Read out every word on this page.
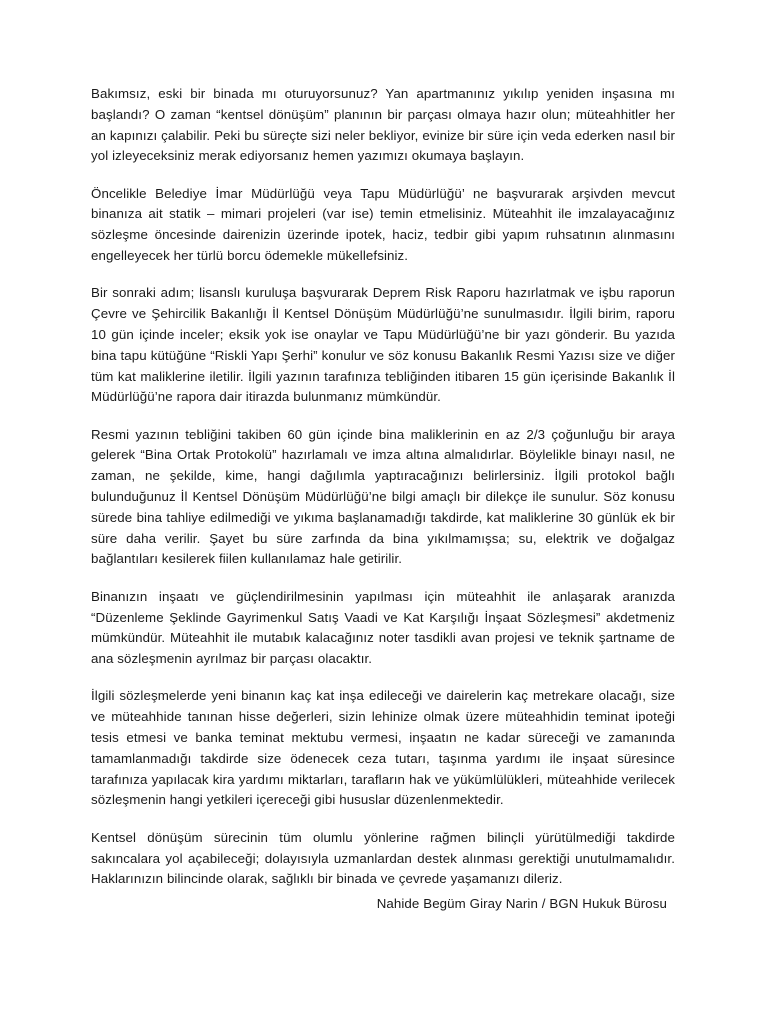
Bakımsız, eski bir binada mı oturuyorsunuz? Yan apartmanınız yıkılıp yeniden inşasına mı başlandı? O zaman “kentsel dönüşüm” planının bir parçası olmaya hazır olun; müteahhitler her an kapınızı çalabilir. Peki bu süreçte sizi neler bekliyor, evinize bir süre için veda ederken nasıl bir yol izleyeceksiniz merak ediyorsanız hemen yazımızı okumaya başlayın.

Öncelikle Belediye İmar Müdürlüğü veya Tapu Müdürlüğü’ ne başvurarak arşivden mevcut binanıza ait statik – mimari projeleri (var ise) temin etmelisiniz. Müteahhit ile imzalayacağınız sözleşme öncesinde dairenizin üzerinde ipotek, haciz, tedbir gibi yapım ruhsatının alınmasını engelleyecek her türlü borcu ödemekle mükellefsiniz.

Bir sonraki adım; lisanslı kuruluşa başvurarak Deprem Risk Raporu hazırlatmak ve işbu raporun Çevre ve Şehircilik Bakanlığı İl Kentsel Dönüşüm Müdürlüğü’ne sunulmasıdır. İlgili birim, raporu 10 gün içinde inceler; eksik yok ise onaylar ve Tapu Müdürlüğü’ne bir yazı gönderir. Bu yazıda bina tapu kütüğüne “Riskli Yapı Şerhi” konulur ve söz konusu Bakanlık Resmi Yazısı size ve diğer tüm kat maliklerine iletilir. İlgili yazının tarafınıza tebliğinden itibaren 15 gün içerisinde Bakanlık İl Müdürlüğü’ne rapora dair itirazda bulunmanız mümkündür.

Resmi yazının tebliğini takiben 60 gün içinde bina maliklerinin en az 2/3 çoğunluğu bir araya gelerek “Bina Ortak Protokolü” hazırlamalı ve imza altına almalıdırlar. Böylelikle binayı nasıl, ne zaman, ne şekilde, kime, hangi dağılımla yaptıracağınızı belirlersiniz. İlgili protokol bağlı bulunduğunuz İl Kentsel Dönüşüm Müdürlüğü’ne bilgi amaçlı bir dilekçe ile sunulur. Söz konusu sürede bina tahliye edilmediği ve yıkıma başlanamadığı takdirde, kat maliklerine 30 günlük ek bir süre daha verilir. Şayet bu süre zarfında da bina yıkılmamışsa; su, elektrik ve doğalgaz bağlantıları kesilerek fiilen kullanılamaz hale getirilir.

Binanızın inşaatı ve güçlendirilmesinin yapılması için müteahhit ile anlaşarak aranızda “Düzenleme Şeklinde Gayrimenkul Satış Vaadi ve Kat Karşılığı İnşaat Sözleşmesi” akdetmeniz mümkündür. Müteahhit ile mutabık kalacağınız noter tasdikli avan projesi ve teknik şartname de ana sözleşmenin ayrılmaz bir parçası olacaktır.

İlgili sözleşmelerde yeni binanın kaç kat inşa edileceği ve dairelerin kaç metrekare olacağı, size ve müteahhide tanınan hisse değerleri, sizin lehinize olmak üzere müteahhidin teminat ipoteği tesis etmesi ve banka teminat mektubu vermesi, inşaatın ne kadar süreceği ve zamanında tamamlanmadığı takdirde size ödenecek ceza tutarı, taşınma yardımı ile inşaat süresince tarafınıza yapılacak kira yardımı miktarları, tarafların hak ve yükümlülükleri, müteahhide verilecek sözleşmenin hangi yetkileri içereceği gibi hususlar düzenlenmektedir.

Kentsel dönüşüm sürecinin tüm olumlu yönlerine rağmen bilinçli yürütülmediği takdirde sakıncalara yol açabileceği; dolayısıyla uzmanlardan destek alınması gerektiği unutulmamalıdır. Haklarınızın bilincinde olarak, sağlıklı bir binada ve çevrede yaşamanızı dileriz.

Nahide Begüm Giray Narin / BGN Hukuk Bürosu
